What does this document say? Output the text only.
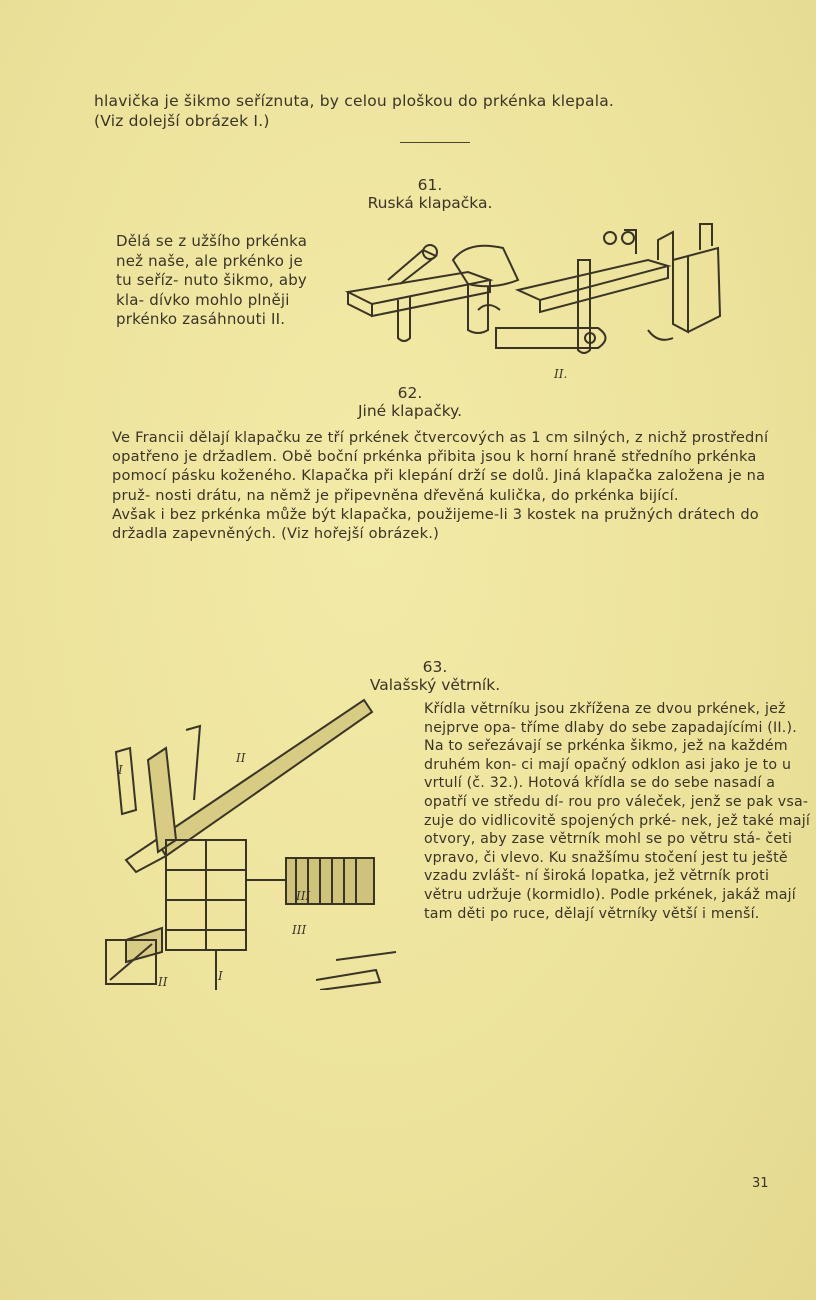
hlavička je šikmo seříznuta, by celou ploškou do prkénka klepala.
(Viz dolejší obrázek I.)
61.
Ruská klapačka.
Dělá se z užšího prkénka než naše, ale prkénko je tu seříz- nuto šikmo, aby kla- dívko mohlo plněji prkénko zasáhnouti II.
II.
62.
Jiné klapačky.

Ve Francii dělají klapačku ze tří prkének čtvercových as 1 cm silných, z nichž prostřední opatřeno je držadlem. Obě boční prkénka přibita jsou k horní hraně středního prkénka pomocí pásku koženého. Klapačka při klepání drží se dolů. Jiná klapačka založena je na pruž- nosti drátu, na němž je připevněna dřevěná kulička, do prkénka bijící.

Avšak i bez prkénka může být klapačka, použijeme-li 3 kostek na pružných drátech do držadla zapevněných. (Viz hořejší obrázek.)

63.
Valašský větrník.
I
II
III
II
III
I
Křídla větrníku jsou zkřížena ze dvou prkének, jež nejprve opa- tříme dlaby do sebe zapadajícími (II.). Na to seřezávají se prkénka šikmo, jež na každém druhém kon- ci mají opačný odklon asi jako je to u vrtulí (č. 32.). Hotová křídla se do sebe nasadí a opatří ve středu dí- rou pro váleček, jenž se pak vsa- zuje do vidlicovitě spojených prké- nek, jež také mají otvory, aby zase větrník mohl se po větru stá- četi vpravo, či vlevo. Ku snažšímu stočení jest tu ještě vzadu zvlášt- ní široká lopatka, jež větrník proti větru udržuje (kormidlo). Podle prkének, jakáž mají tam děti po ruce, dělají větrníky větší i menší.
31
